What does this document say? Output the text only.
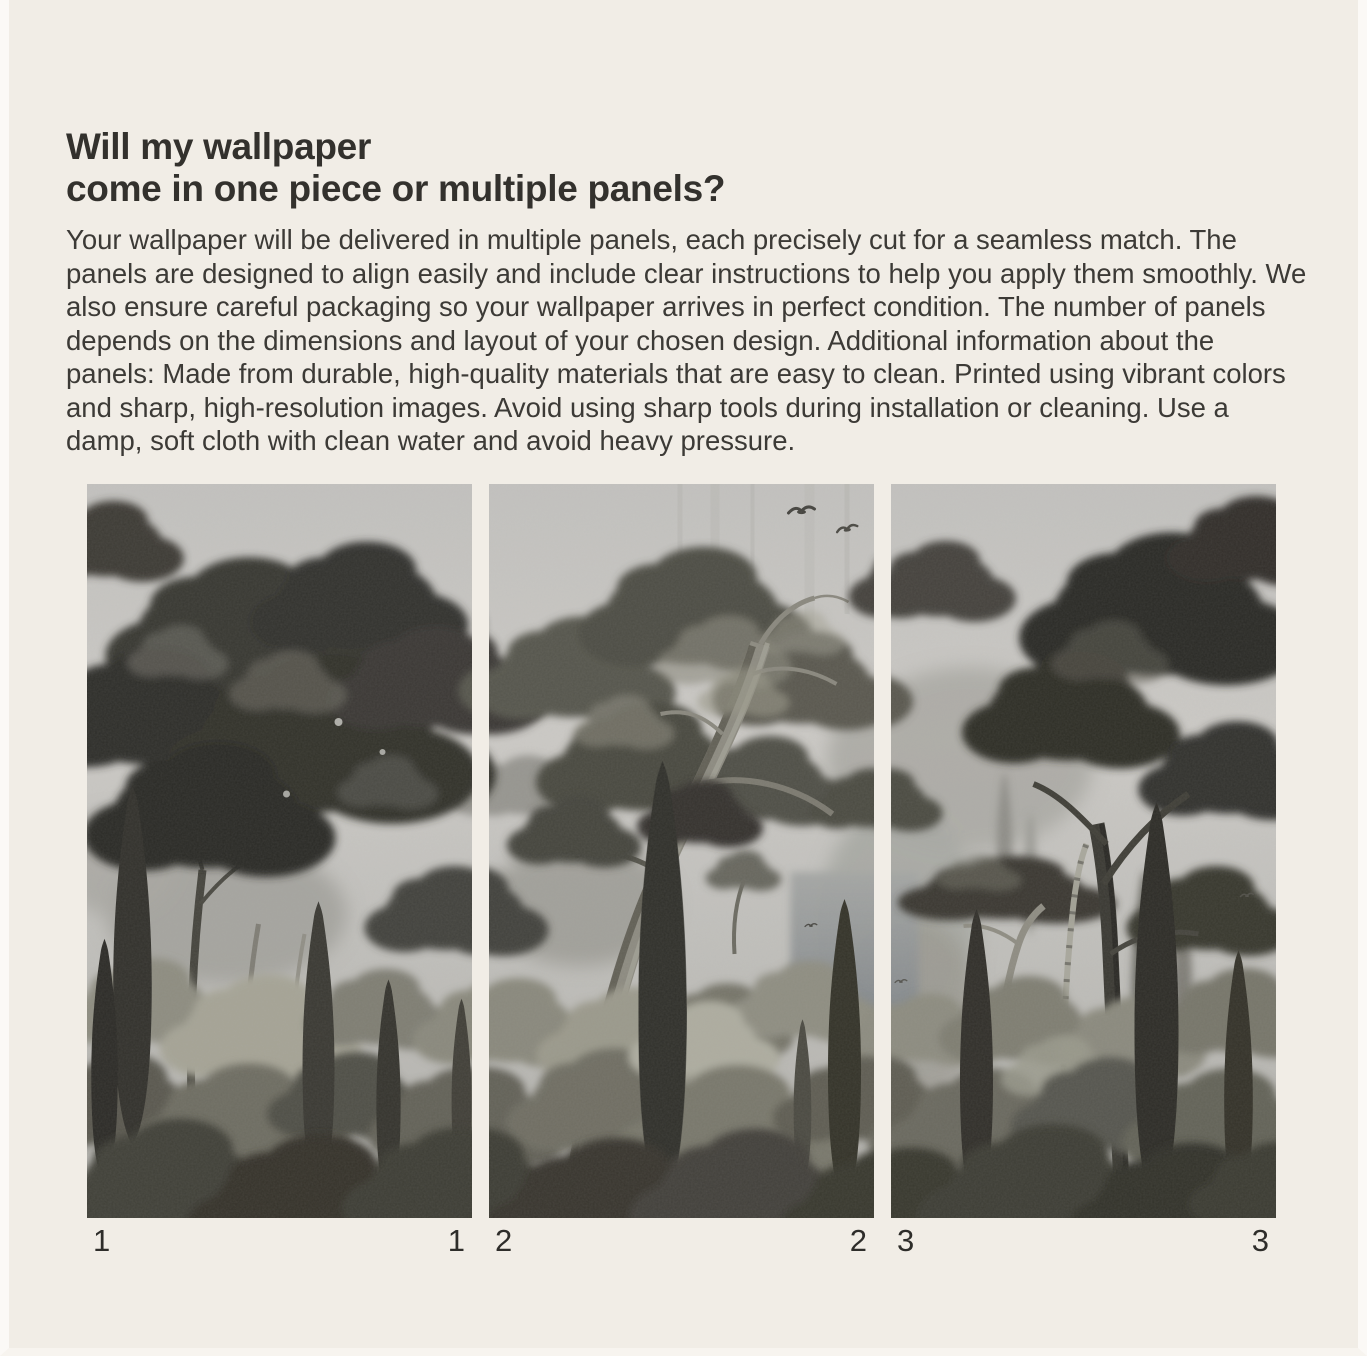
Will my wallpaper
come in one piece or multiple panels?

Your wallpaper will be delivered in multiple panels, each precisely cut for a seamless match. The panels are designed to align easily and include clear instructions to help you apply them smoothly. We also ensure careful packaging so your wallpaper arrives in perfect condition. The number of panels depends on the dimensions and layout of your chosen design. Additional information about the panels: Made from durable, high-quality materials that are easy to clean. Printed using vibrant colors and sharp, high-resolution images. Avoid using sharp tools during installation or cleaning. Use a damp, soft cloth with clean water and avoid heavy pressure.

1	1 2	2 3	3
